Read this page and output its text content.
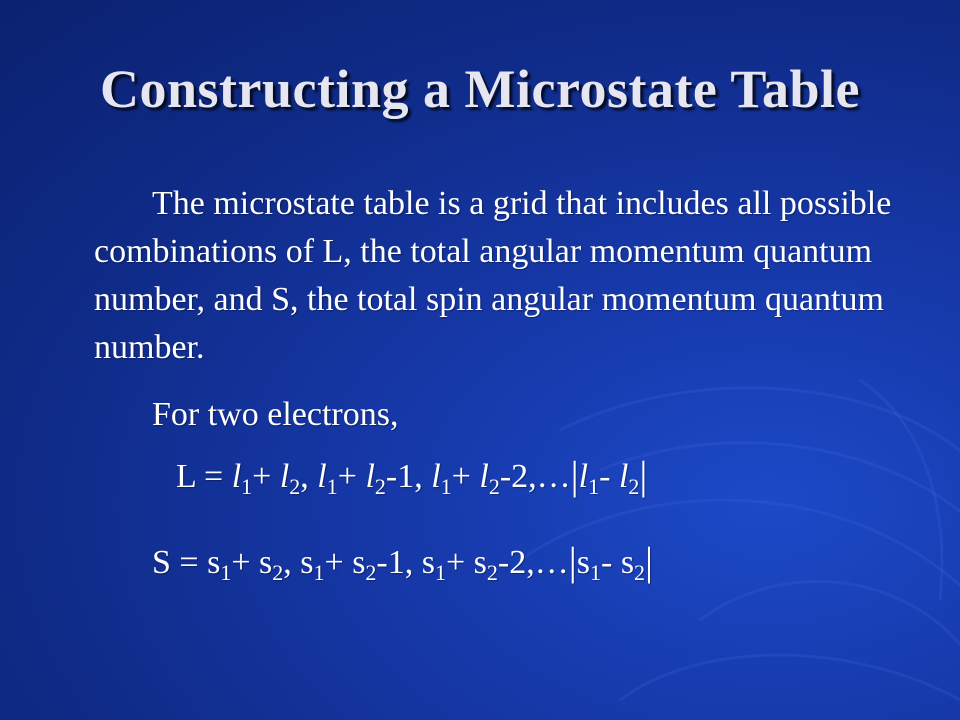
Constructing a Microstate Table

The microstate table is a grid that includes all possible combinations of L, the total angular momentum quantum number, and S, the total spin angular momentum quantum number.

For two electrons,

$L = l_1+ l_2$, $l_1+ l_2-1$, $l_1+$ $l_2-2,\dots|l_1-$ $l_2|$

$S = s_1+ s_2$, $s_1+ s_2-1$, $s_1+$ $s_2-2,\dots|s_1-$ $s_2|$
